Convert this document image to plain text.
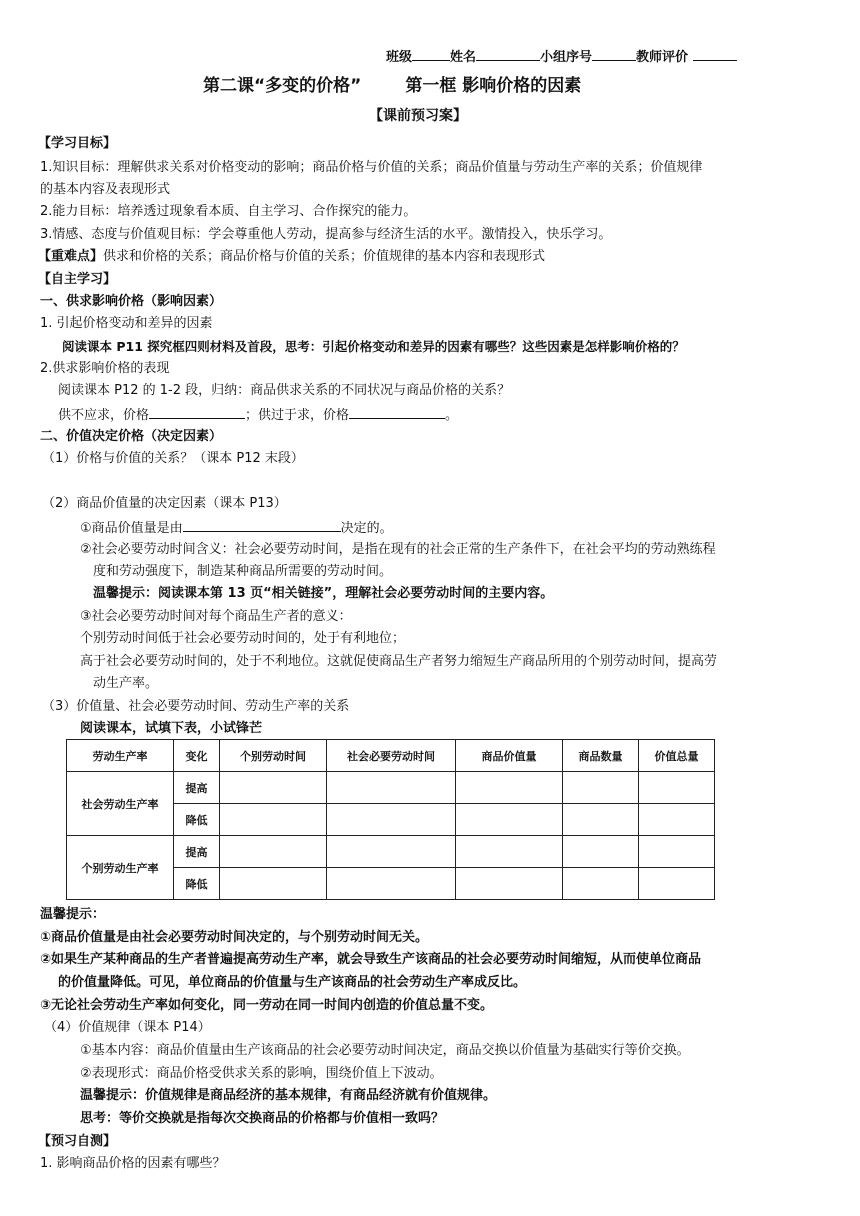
班级	姓名	小组序号	教师评价
第二课“多变的价格”	第一框 影响价格的因素
【课前预习案】
【学习目标】
1.知识目标：理解供求关系对价格变动的影响；商品价格与价值的关系；商品价值量与劳动生产率的关系；价值规律
的基本内容及表现形式
2.能力目标：培养透过现象看本质、自主学习、合作探究的能力。
3.情感、态度与价值观目标：学会尊重他人劳动，提高参与经济生活的水平。激情投入，快乐学习。
【重难点】供求和价格的关系；商品价格与价值的关系；价值规律的基本内容和表现形式
【自主学习】
一、供求影响价格（影响因素）
1. 引起价格变动和差异的因素
阅读课本 P11 探究框四则材料及首段，思考：引起价格变动和差异的因素有哪些？这些因素是怎样影响价格的？
2.供求影响价格的表现
阅读课本 P12 的 1-2 段，归纳：商品供求关系的不同状况与商品价格的关系？
供不应求，价格	；供过于求，价格	。
二、价值决定价格（决定因素）
（1）价格与价值的关系？（课本 P12 末段）
（2）商品价值量的决定因素（课本 P13）
①商品价值量是由	决定的。
②社会必要劳动时间含义：社会必要劳动时间，是指在现有的社会正常的生产条件下，在社会平均的劳动熟练程
度和劳动强度下，制造某种商品所需要的劳动时间。
温馨提示：阅读课本第 13 页“相关链接”，理解社会必要劳动时间的主要内容。
③社会必要劳动时间对每个商品生产者的意义：
个别劳动时间低于社会必要劳动时间的，处于有利地位；
高于社会必要劳动时间的，处于不利地位。这就促使商品生产者努力缩短生产商品所用的个别劳动时间，提高劳
动生产率。
（3）价值量、社会必要劳动时间、劳动生产率的关系
阅读课本，试填下表，小试锋芒
劳动生产率	变化	个别劳动时间	社会必要劳动时间	商品价值量	商品数量	价值总量
社会劳动生产率	提高					
	降低					
个别劳动生产率	提高					
	降低					
温馨提示：
①商品价值量是由社会必要劳动时间决定的，与个别劳动时间无关。
②如果生产某种商品的生产者普遍提高劳动生产率，就会导致生产该商品的社会必要劳动时间缩短，从而使单位商品
的价值量降低。可见，单位商品的价值量与生产该商品的社会劳动生产率成反比。
③无论社会劳动生产率如何变化，同一劳动在同一时间内创造的价值总量不变。
（4）价值规律（课本 P14）
①基本内容：商品价值量由生产该商品的社会必要劳动时间决定，商品交换以价值量为基础实行等价交换。
②表现形式：商品价格受供求关系的影响，围绕价值上下波动。
温馨提示：价值规律是商品经济的基本规律，有商品经济就有价值规律。
思考：等价交换就是指每次交换商品的价格都与价值相一致吗？
【预习自测】
1. 影响商品价格的因素有哪些？
